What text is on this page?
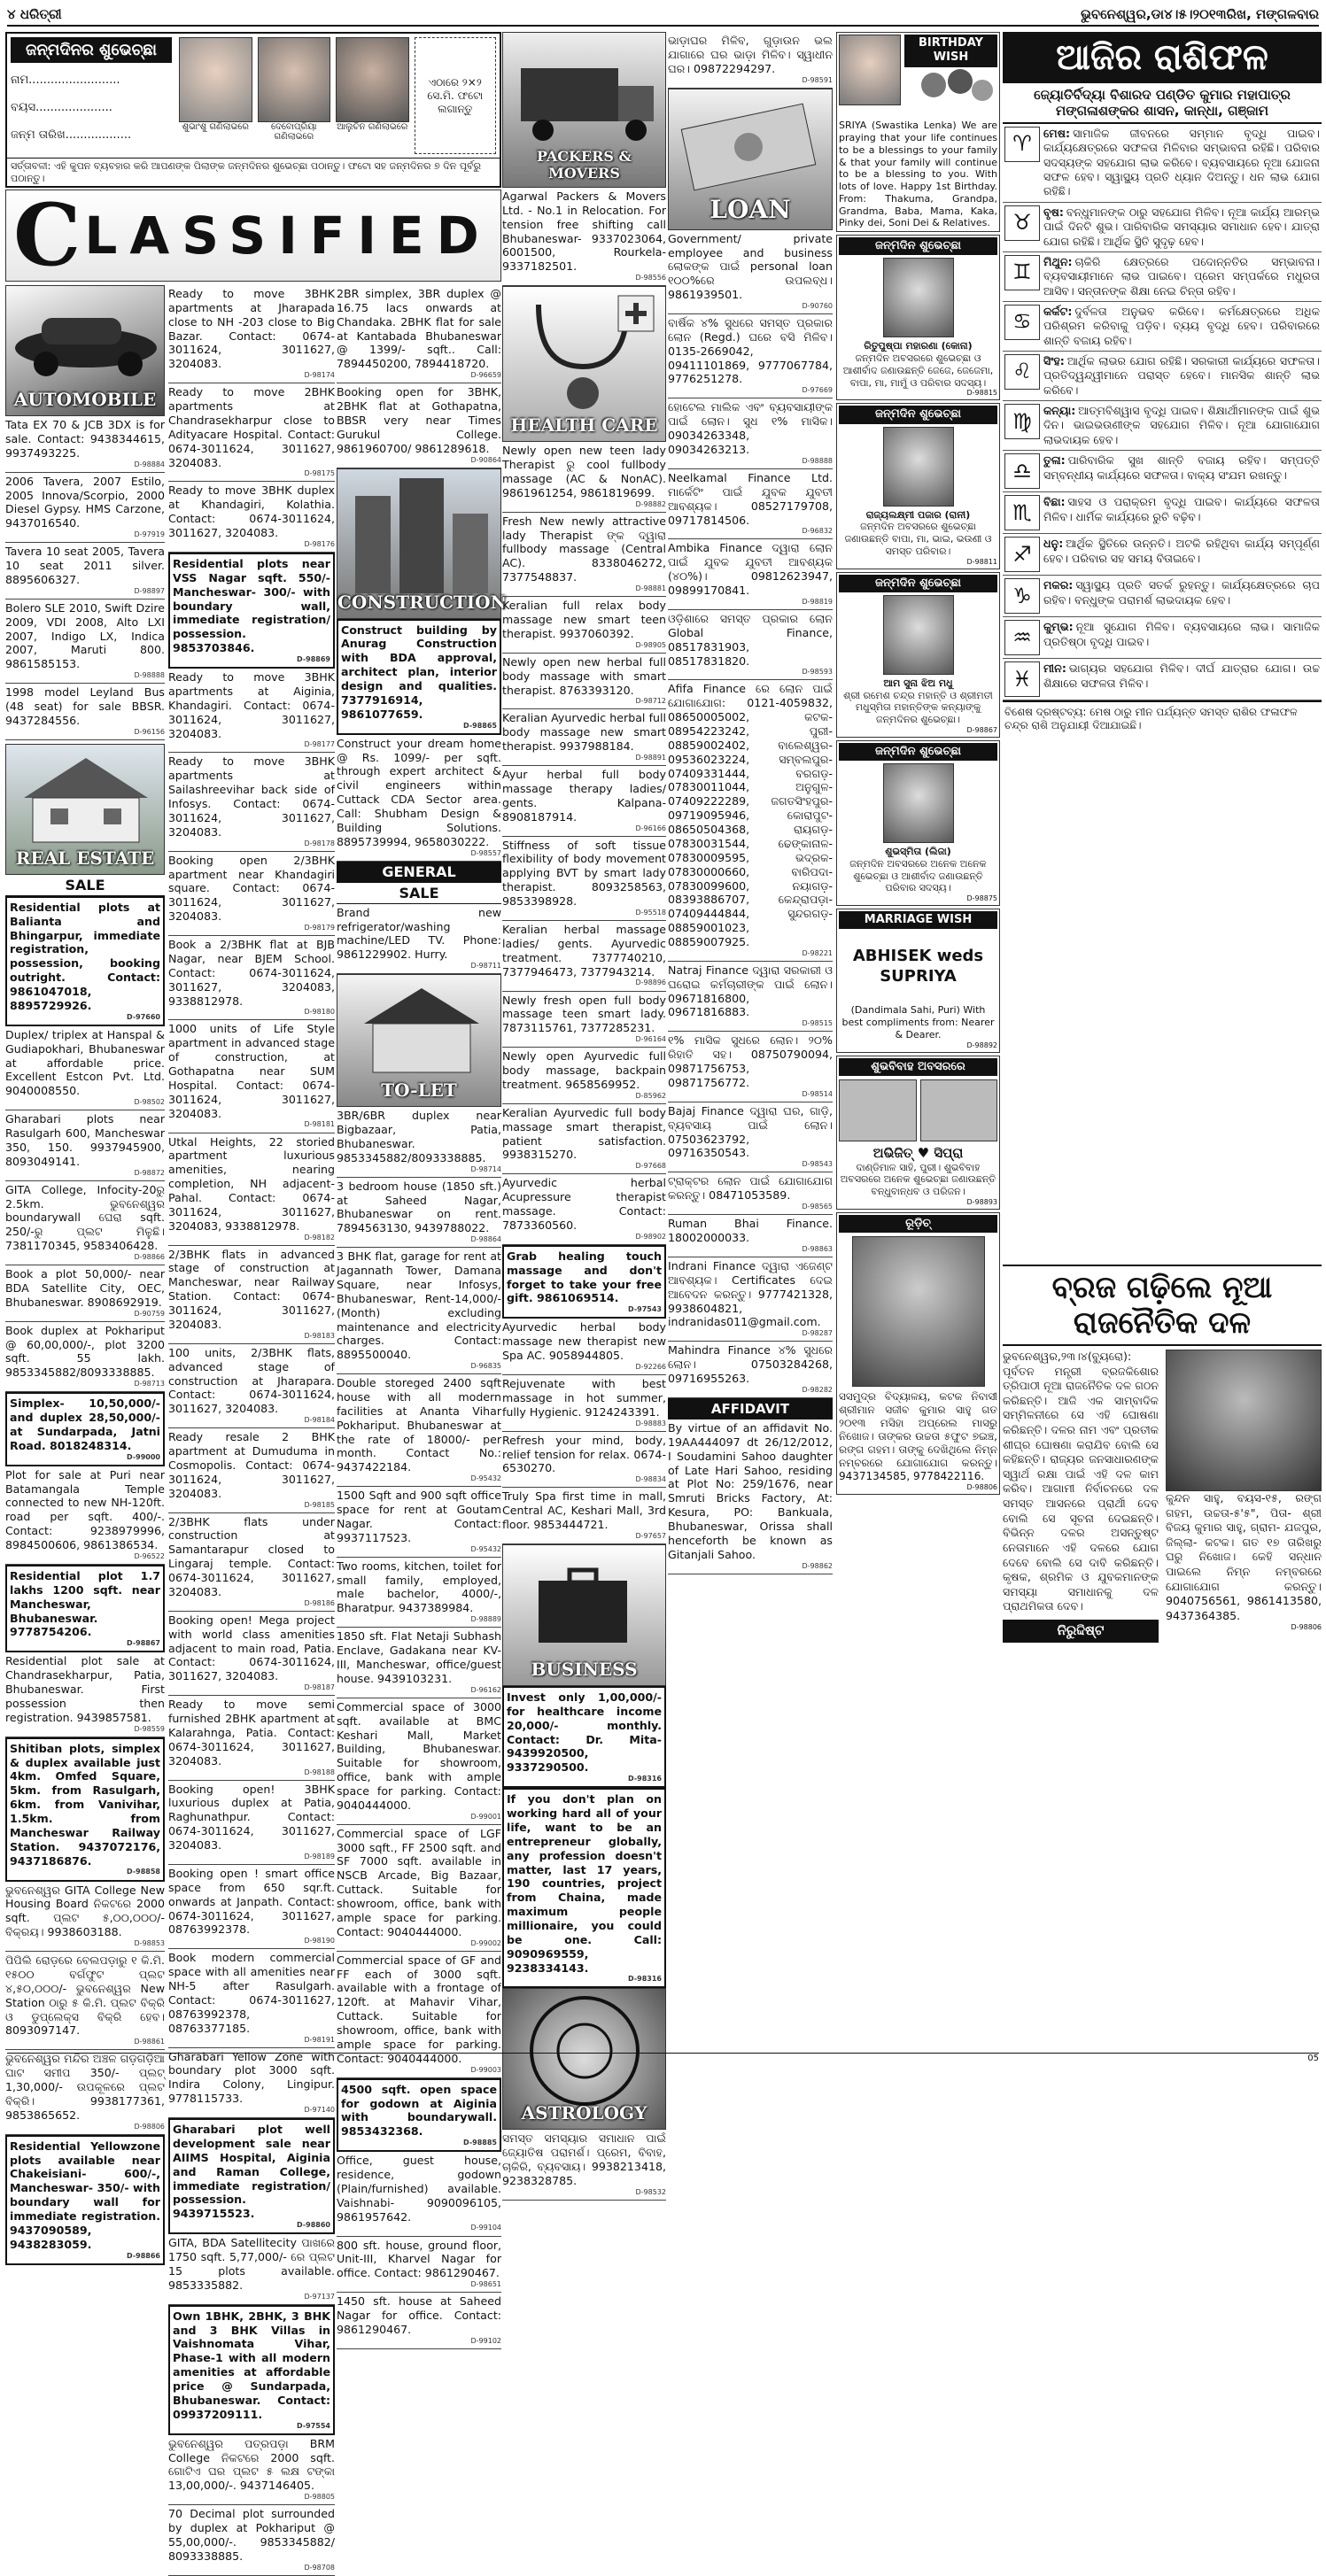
୪ ଧରିତ୍ରୀ	ଭୁବନେଶ୍ୱର,ଡା୪।୫।୨୦୧୩ରିଖ, ମଙ୍ଗଳବାର
ଜନ୍ମଦିନର ଶୁଭେଚ୍ଛା
ନାମ.........................
ବୟସ.....................
ଜନ୍ମ ତାରିଖ..................
ଶୁଭାଂଶୁ ଗଣିଲାଭରେ	ଦେବୋପ୍ରିୟା ଗଣିଲାଭରେ
ଆଲୁଚିନ ଗଣିଲାଭରେ
ଏଠାରେ ୨×୨ ସେ.ମି. ଫଟୋ ଲଗାନ୍ତୁ
ସର୍ତ୍ତାବଳୀ: ଏହି କୁପନ ବ୍ୟବହାର କରି ଆପଣଙ୍କ ପିଲାଙ୍କ ଜନ୍ମଦିନର ଶୁଭେଚ୍ଛା ପଠାନ୍ତୁ। ଫଟୋ ସହ ଜନ୍ମଦିନର ୭ ଦିନ ପୂର୍ବରୁ ପଠାନ୍ତୁ।
C LASSIFIED
AUTOMOBILE
Tata EX 70 & JCB 3DX is for sale. Contact: 9438344615, 9937493225.
D-98884
2006 Tavera, 2007 Estilo, 2005 Innova/Scorpio, 2000 Diesel Gypsy. HMS Carzone, 9437016540.
D-97919
Tavera 10 seat 2005, Tavera 10 seat 2011 silver. 8895606327.
D-98897
Bolero SLE 2010, Swift Dzire 2009, VDI 2008, Alto LXI 2007, Indigo LX, Indica 2007, Maruti 800. 9861585153.
D-98888
1998 model Leyland Bus (48 seat) for sale BBSR. 9437284556.
D-96156
REAL ESTATE
SALE
Residential plots at Balianta and Bhingarpur, immediate registration, possession, booking outright. Contact: 9861047018, 8895729926.
D-97660
Duplex/ triplex at Hanspal & Gudiapokhari, Bhubaneswar at affordable price. Excellent Estcon Pvt. Ltd. 9040008550.
D-98502
Gharabari plots near Rasulgarh 600, Mancheswar 350, 150. 9937945900, 8093049141.
D-98872
GITA College, Infocity-20ରୁ 2.5km. ଭୁବନେଶ୍ୱର boundarywall ଘେରା sqft. 250/-ରୁ ପ୍ଲଟ ମିଳୁଛି। 7381170345, 9583406428.
D-98866
Book a plot 50,000/- near BDA Satellite City, OEC, Bhubaneswar. 8908692919.
D-90759
Book duplex at Pokhariput @ 60,00,000/-, plot 3200 sqft. 55 lakh. 9853345882/8093338885.
D-98713
Simplex- 10,50,000/- and duplex 28,50,000/- at Sundarpada, Jatni Road. 8018248314.
D-99000
Plot for sale at Puri near Batamangala Temple connected to new NH-120ft. road per sqft. 400/-. Contact: 9238979996, 8984500606, 9861386534.
D-96522
Residential plot 1.7 lakhs 1200 sqft. near Mancheswar, Bhubaneswar. 9778754206.
D-98867
Residential plot sale at Chandrasekharpur, Patia, Bhubaneswar. First possession then registration. 9439857581.
D-98559
Shitiban plots, simplex & duplex available just 4km. Omfed Square, 5km. from Rasulgarh, 6km. from Vanivihar, 1.5km. from Mancheswar Railway Station. 9437072176, 9437186876.
D-98858
ଭୁବନେଶ୍ୱର GITA College New Housing Board ନିକଟରେ 2000 sqft. ପ୍ଲଟ ୫,୦୦,୦୦୦/- ବିକ୍ରୟ। 9938603188.
D-98853
ପିପିଲି ରୋଡ଼ରେ ବେଲପଡ଼ାରୁ ୧ କି.ମି. ୧୫୦୦ ବର୍ଗଫୁଟ ପ୍ଲଟ ୪,୫୦,୦୦୦/- ଭୁବନେଶ୍ୱର New Station ଠାରୁ ୫ କି.ମି. ପ୍ଲଟ ବିକ୍ରି ଓ ଡୁପ୍ଲେକ୍ସ ବିକ୍ରି ହେବ। 8093097147.
D-98861
ଭୁବନେଶ୍ୱର ମନ୍ଦିର ଅଞ୍ଚଳ ଗଡ଼ଗଡ଼ିଆ ଘାଟ ସମୀପ 350/- ପ୍ଲଟ୍ 1,30,000/- ଉପକୂଳରେ ପ୍ଲଟ ବିକ୍ରି। 9938177361, 9853865652.
D-98806
Residential Yellowzone plots available near Chakeisiani- 600/-, Mancheswar- 350/- with boundary wall for immediate registration. 9437090589, 9438283059.
D-98866
Ready to move 3BHK apartments at Jharapada close to NH -203 close to Big Bazar. Contact: 0674-3011624, 3011627, 3204083.
D-98174
Ready to move 2BHK apartments at Chandrasekharpur close to Adityacare Hospital. Contact: 0674-3011624, 3011627, 3204083.
D-98175
Ready to move 3BHK duplex at Khandagiri, Kolathia. Contact: 0674-3011624, 3011627, 3204083.
D-98176
Residential plots near VSS Nagar sqft. 550/- Mancheswar- 300/- with boundary wall, immediate registration/ possession. 9853703846.
D-98869
Ready to move 3BHK apartments at Aiginia, Khandagiri. Contact: 0674-3011624, 3011627, 3204083.
D-98177
Ready to move 3BHK apartments at Sailashreevihar back side of Infosys. Contact: 0674-3011624, 3011627, 3204083.
D-98178
Booking open 2/3BHK apartment near Khandagiri square. Contact: 0674-3011624, 3011627, 3204083.
D-98179
Book a 2/3BHK flat at BJB Nagar, near BJEM School. Contact: 0674-3011624, 3011627, 3204083, 9338812978.
D-98180
1000 units of Life Style apartment in advanced stage of construction, at Gothapatna near SUM Hospital. Contact: 0674-3011624, 3011627, 3204083.
D-98181
Utkal Heights, 22 storied apartment luxurious amenities, nearing completion, NH adjacent- Pahal. Contact: 0674-3011624, 3011627, 3204083, 9338812978.
D-98182
2/3BHK flats in advanced stage of construction at Mancheswar, near Railway Station. Contact: 0674-3011624, 3011627, 3204083.
D-98183
100 units, 2/3BHK flats, advanced stage of construction at Jharapara. Contact: 0674-3011624, 3011627, 3204083.
D-98184
Ready resale 2 BHK apartment at Dumuduma in Cosmopolis. Contact: 0674-3011624, 3011627, 3204083.
D-98185
2/3BHK flats under construction at Samantarapur closed to Lingaraj temple. Contact: 0674-3011624, 3011627, 3204083.
D-98186
Booking open! Mega project with world class amenities adjacent to main road, Patia. Contact: 0674-3011624, 3011627, 3204083.
D-98187
Ready to move semi furnished 2BHK apartment at Kalarahnga, Patia. Contact: 0674-3011624, 3011627, 3204083.
D-98188
Booking open! 3BHK luxurious duplex at Patia, Raghunathpur. Contact: 0674-3011624, 3011627, 3204083.
D-98189
Booking open ! smart office space from 650 sqr.ft. onwards at Janpath. Contact: 0674-3011624, 3011627, 08763992378.
D-98190
Book modern commercial space with all amenities near NH-5 after Rasulgarh. Contact: 0674-3011627, 08763992378, 08763377185.
D-98191
Gharabari Yellow Zone with boundary plot 3000 sqft. Indira Colony, Lingipur. 9778115733.
D-97140
Gharabari plot well development sale near AIIMS Hospital, Aiginia and Raman College, immediate registration/ possession. 9439715523.
D-98860
GITA, BDA Satellitecity ପାଖରେ 1750 sqft. 5,77,000/- ରେ ପ୍ଲଟ 15 plots available. 9853335882.
D-97137
Own 1BHK, 2BHK, 3 BHK and 3 BHK Villas in Vaishnomata Vihar, Phase-1 with all modern amenities at affordable price @ Sundarpada, Bhubaneswar. Contact: 09937209111.
D-97554
ଭୁବନେଶ୍ୱର ପତ୍ରପଡ଼ା BRM College ନିକଟରେ 2000 sqft. ଗୋଟିଏ ଘର ପ୍ଲଟ ୫ ଲକ୍ଷ ଟଙ୍କା 13,00,000/-. 9437146405.
D-98805
70 Decimal plot surrounded by duplex at Pokhariput @ 55,00,000/-. 9853345882/ 8093338885.
D-98708
2BR simplex, 3BR duplex @ 16.75 lacs onwards at Chandaka. 2BHK flat for sale at Kantabada Bhubaneswar @ 1399/- sqft.. Call: 7894450200, 7894418720.
D-96659
Booking open for 3BHK, 2BHK flat at Gothapatna, BBSR very near Times Gurukul College. 9861960700/ 9861289618.
D-90864
CONSTRUCTION
Construct building by Anurag Construction with BDA approval, architect plan, interior design and qualities. 7377916914, 9861077659.
D-98865
Construct your dream home @ Rs. 1099/- per sqft. through expert architect & civil engineers within Cuttack CDA Sector area. Call: Shubham Design & Building Solutions. 8895739994, 9658030222.
D-98557
GENERAL
SALE
Brand new refrigerator/washing machine/LED TV. Phone: 9861229902. Hurry.
D-98711
TO-LET
3BR/6BR duplex near Bigbazaar, Patia, Bhubaneswar. 9853345882/8093338885.
D-98714
3 bedroom house (1850 sft.) at Saheed Nagar, Bhubaneswar on rent. 7894563130, 9439788022.
D-98864
3 BHK flat, garage for rent at Jagannath Tower, Damana Square, near Infosys, Bhubaneswar, Rent-14,000/- (Month) excluding maintenance and electricity charges. Contact: 8895500040.
D-96835
Double storeged 2400 sqft house with all modern facilities at Ananta Vihar Pokhariput. Bhubaneswar at the rate of 18000/- per month. Contact No.: 9437422184.
D-95432
1500 Sqft and 900 sqft office space for rent at Goutam Nagar. Contact: 9937117523.
D-95432
Two rooms, kitchen, toilet for small family, employed, male bachelor, 4000/-, Bharatpur. 9437389984.
D-98889
1850 sft. Flat Netaji Subhash Enclave, Gadakana near KV-III, Mancheswar, office/guest house. 9439103231.
D-96162
Commercial space of 3000 sqft. available at BMC Keshari Mall, Market Building, Bhubaneswar. Suitable for showroom, office, bank with ample space for parking. Contact: 9040444000.
D-99001
Commercial space of LGF 3000 sqft., FF 2500 sqft. and SF 7000 sqft. available in NSCB Arcade, Big Bazaar, Cuttack. Suitable for showroom, office, bank with ample space for parking. Contact: 9040444000.
D-99002
Commercial space of GF and FF each of 3000 sqft. available with a frontage of 120ft. at Mahavir Vihar, Cuttack. Suitable for showroom, office, bank with ample space for parking. Contact: 9040444000.
D-99003
4500 sqft. open space for godown at Aiginia with boundarywall. 9853432368.
D-98885
Office, guest house, residence, godown (Plain/furnished) available. Vaishnabi- 9090096105, 9861957642.
D-99104
800 sft. house, ground floor, Unit-III, Kharvel Nagar for office. Contact: 9861290467.
D-98651
1450 sft. house at Saheed Nagar for office. Contact: 9861290467.
D-99102
PACKERS & MOVERS
Agarwal Packers & Movers Ltd. - No.1 in Relocation. For tension free shifting call Bhubaneswar- 9337023064, 6001500, Rourkela- 9337182501.
D-98556
HEALTH CARE
Newly open new teen lady Therapist ରୁ cool fullbody massage (AC & NonAC). 9861961254, 9861819699.
D-98882
Fresh New newly attractive lady Therapist ଙ୍କ ଦ୍ୱାରା fullbody massage (Central AC). 8338046272, 7377548837.
D-98881
Keralian full relax body massage new smart teen therapist. 9937060392.
D-98905
Newly open new herbal full body massage with smart therapist. 8763393120.
D-98712
Keralian Ayurvedic herbal full body massage new smart therapist. 9937988184.
D-98891
Ayur herbal full body massage therapy ladies/ gents. Kalpana- 8908187914.
D-96166
Stiffness of soft tissue flexibility of body movement applying BVT by smart lady therapist. 8093258563, 9853398928.
D-95518
Keralian herbal massage ladies/ gents. Ayurvedic treatment. 7377740210, 7377946473, 7377943214.
D-98896
Newly fresh open full body massage teen smart lady. 7873115761, 7377285231.
D-96164
Newly open Ayurvedic full body massage, backpain treatment. 9658569952.
D-85962
Keralian Ayurvedic full body massage smart therapist, patient satisfaction. 9938315270.
D-97668
Ayurvedic herbal Acupressure therapist massage. Contact: 7873360560.
D-98902
Grab healing touch massage and don't forget to take your free gift. 9861069514.
D-97543
Ayurvedic herbal body massage new therapist new Spa AC. 9058944805.
D-92266
Rejuvenate with best massage in hot summer, fully Hygienic. 9124243391.
D-98883
Refresh your mind, body, relief tension for relax. 0674-6530270.
D-98834
Truly Spa first time in mall, Central AC, Keshari Mall, 3rd floor. 9853444721.
D-97657
BUSINESS
Invest only 1,00,000/- for healthcare income 20,000/- monthly. Contact: Dr. Mita- 9439920500, 9337290500.
D-98316
If you don't plan on working hard all of your life, want to be an entrepreneur globally, any profession doesn't matter, last 17 years, 190 countries, project from Chaina, made maximum people millionaire, you could be one. Call: 9090969559, 9238334143.
D-98316
ASTROLOGY
ସମସ୍ତ ସମସ୍ୟାର ସମାଧାନ ପାଇଁ ଜ୍ୟୋତିଷ ପରାମର୍ଶ। ପ୍ରେମ, ବିବାହ, ଚାକିରି, ବ୍ୟବସାୟ। 9938213418, 9238328785.
D-98532
ଭାଡ଼ାଘର ମିଳିବ, ଗୁଡ଼ାଉନ ଭଲ ଯାଗାରେ ଘର ଭାଡ଼ା ମିଳିବ। ସ୍ୱାଧୀନ ଘର। 09872294297.
D-98591
LOAN
Government/ private employee and business ଲୋକଙ୍କ ପାଇଁ personal loan ୧୦୦%ରେ ଉପଲବ୍ଧ। 9861939501.
D-90760
ବାର୍ଷିକ ୪% ସୁଧରେ ସମସ୍ତ ପ୍ରକାର ଲୋନ (Regd.) ଘରେ ବସି ମିଳିବ। 0135-2669042, 09411101869, 9777067784, 9776251278.
D-97669
ହୋଟେଲ ମାଲିକ ଏବଂ ବ୍ୟବସାୟୀଙ୍କ ପାଇଁ ଲୋନ। ସୁଧ ୧% ମାସିକ। 09034263348, 09034263213.
D-98888
Neelkamal Finance Ltd. ମାର୍କେଟିଂ ପାଇଁ ଯୁବକ ଯୁବତୀ ଆବଶ୍ୟକ। 08527179708, 09717814506.
D-96832
Ambika Finance ଦ୍ୱାରା ଲୋନ ପାଇଁ ଯୁବକ ଯୁବତୀ ଆବଶ୍ୟକ (୪୦%)। 09812623947, 09899170841.
D-98819
ଓଡ଼ିଶାରେ ସମସ୍ତ ପ୍ରକାର ଲୋନ Global Finance, 08517831903, 08517831820.
D-98593
Afifa Finance ରେ ଲୋନ ପାଇଁ ଯୋଗାଯୋଗ: 0121-4059832, 08650005002, କଟକ- 08954223242, ପୁରୀ- 08859002402, ବାଲେଶ୍ୱର- 09536023224, ସମ୍ବଲପୁର- 07409331444, ବରଗଡ଼- 07830011044, ଅନୁଗୁଳ- 07409222289, ଜଗତସିଂହପୁର- 09719095946, କୋରାପୁଟ- 08650504368, ରାୟଗଡ଼- 07830031544, ଢେଙ୍କାନାଳ- 07830009595, ଭଦ୍ରକ- 07830000660, ବାରିପଦା- 07830099600, ନୟାଗଡ଼- 08393886707, କେନ୍ଦ୍ରାପଡ଼ା- 07409444844, ସୁନ୍ଦରଗଡ଼- 08859001023, 08859007925.
D-98221
Natraj Finance ଦ୍ୱାରା ସରକାରୀ ଓ ଘରୋଇ କର୍ମଚାରୀଙ୍କ ପାଇଁ ଲୋନ। 09671816800, 09671816883.
D-98515
୧% ମାସିକ ସୁଧରେ ଲୋନ। ୨୦% ରିହାତି ସହ। 08750790094, 09871756753, 09871756772.
D-98514
Bajaj Finance ଦ୍ୱାରା ଘର, ଗାଡ଼ି, ବ୍ୟବସାୟ ପାଇଁ ଲୋନ। 07503623792, 09716350543.
D-98543
ଟ୍ରାକ୍ଟର ଲୋନ ପାଇଁ ଯୋଗାଯୋଗ କରନ୍ତୁ। 08471053589.
D-98565
Ruman Bhai Finance. 18002000033.
D-98863
Indrani Finance ଦ୍ୱାରା ଏଜେଣ୍ଟ ଆବଶ୍ୟକ। Certificates ଦେଇ ଆବେଦନ କରନ୍ତୁ। 9777421328, 9938604821, indranidas011@gmail.com.
D-98287
Mahindra Finance ୪% ସୁଧରେ ଲୋନ। 07503284268, 09716955263.
D-98282
AFFIDAVIT
By virtue of an affidavit No. 19AA444097 dt 26/12/2012, I Soudamini Sahoo daughter of Late Hari Sahoo, residing at Plot No: 259/1676, near Smruti Bricks Factory, At: Kesura, PO: Bankuala, Bhubaneswar, Orissa shall henceforth be known as Gitanjali Sahoo.
D-98862
BIRTHDAY WISH
SRIYA (Swastika Lenka) We are praying that your life continues to be a blessings to your family & that your family will continue to be a blessing to you. With lots of love. Happy 1st Birthday. From: Thakuma, Grandpa, Grandma, Baba, Mama, Kaka, Pinky dei, Soni Dei & Relatives.
ଜନ୍ମଦିନ ଶୁଭେଚ୍ଛା
ରିତୁପୁଷ୍ପା ମହାରଣା (କୋନା)
ଜନ୍ମଦିନ ଅବସରରେ ଶୁଭେଚ୍ଛା ଓ ଆଶୀର୍ବାଦ ଜଣାଉଛନ୍ତି ଜେଜେ, ଜେଜେମା, ବାପା, ମା, ମାମୁଁ ଓ ପରିବାର ସଦସ୍ୟ।
D-98815
ଜନ୍ମଦିନ ଶୁଭେଚ୍ଛା
ରାଜ୍ୟଲକ୍ଷ୍ମୀ ପଜାର (ରାନୀ)
ଜନ୍ମଦିନ ଅବସରରେ ଶୁଭେଚ୍ଛା ଜଣାଉଛନ୍ତି ବାପା, ମା, ଭାଇ, ଭଉଣୀ ଓ ସମସ୍ତ ପରିବାର।
D-98811
ଜନ୍ମଦିନ ଶୁଭେଚ୍ଛା
ଆମ ସୁନା ଝିଅ ମଧୁ
ଶ୍ରୀ ରମେଶ ଚନ୍ଦ୍ର ମହାନ୍ତି ଓ ଶ୍ରୀମତୀ ମଧୁସ୍ମିତା ମହାନ୍ତିଙ୍କ କନ୍ୟାଙ୍କୁ ଜନ୍ମଦିନର ଶୁଭେଚ୍ଛା।
D-98867
ଜନ୍ମଦିନ ଶୁଭେଚ୍ଛା
ଶୁଭସ୍ମିତା (ଲିଜା)
ଜନ୍ମଦିନ ଅବସରରେ ଅନେକ ଅନେକ ଶୁଭେଚ୍ଛା ଓ ଆଶୀର୍ବାଦ ଜଣାଉଛନ୍ତି ପରିବାର ସଦସ୍ୟ।
D-98875
MARRIAGE WISH
ABHISEK weds SUPRIYA
(Dandimala Sahi, Puri) With best compliments from: Nearer & Dearer.
D-98892
ଶୁଭବିବାହ ଅବସରରେ
ଅଭିଜିତ୍ ♥ ସିପ୍ରା
ଦାଣ୍ଡିମାଳ ସାହି, ପୁରୀ। ଶୁଭବିବାହ ଅବସରରେ ଅନେକ ଶୁଭେଚ୍ଛା ଜଣାଉଛନ୍ତି ବନ୍ଧୁବାନ୍ଧବ ଓ ପରିଜନ।
D-98893
ରୂଡ଼ିଚ୍
ସସମୁଦ୍ର ବିଦ୍ୟାଳୟ, କଟକ ନିବାସୀ ଶ୍ରୀମାନ ସଜୀବ କୁମାର ସାହୁ ଗତ ୨୦୧୩ ମସିହା ଅପ୍ରେଲ ମାସରୁ ନିଖୋଜ। ତାଙ୍କର ଉଚ୍ଚତା ୫ଫୁଟ ୭ଇଞ୍ଚ, ରଙ୍ଗ ଗହମ। ତାଙ୍କୁ ଦେଖିଥିଲେ ନିମ୍ନ ନମ୍ବରରେ ଯୋଗାଯୋଗ କରନ୍ତୁ। 9437134585, 9778422116.
D-98806
ଆଜିର ରାଶିଫଳ
ଜ୍ୟୋତିର୍ବିଦ୍ୟା ବିଶାରଦ ପଣ୍ଡିତ କୁମାର ମହାପାତ୍ର
ମଙ୍ଗଳାଶଙ୍କର ଶାସନ, କାନ୍ଧା, ଗଞ୍ଜାମ
♈	ମେଷ: ସାମାଜିକ ଜୀବନରେ ସମ୍ମାନ ବୃଦ୍ଧି ପାଇବ। କାର୍ଯ୍ୟକ୍ଷେତ୍ରରେ ସଫଳତା ମିଳିବାର ସମ୍ଭାବନା ରହିଛି। ପରିବାର ସଦସ୍ୟଙ୍କ ସହଯୋଗ ଲାଭ କରିବେ। ବ୍ୟବସାୟରେ ନୂଆ ଯୋଜନା ସଫଳ ହେବ। ସ୍ୱାସ୍ଥ୍ୟ ପ୍ରତି ଧ୍ୟାନ ଦିଅନ୍ତୁ। ଧନ ଲାଭ ଯୋଗ ରହିଛି।
♉	ବୃଷ: ବନ୍ଧୁମାନଙ୍କ ଠାରୁ ସହଯୋଗ ମିଳିବ। ନୂଆ କାର୍ଯ୍ୟ ଆରମ୍ଭ ପାଇଁ ଦିନଟି ଶୁଭ। ପାରିବାରିକ ସମସ୍ୟାର ସମାଧାନ ହେବ। ଯାତ୍ରା ଯୋଗ ରହିଛି। ଆର୍ଥିକ ସ୍ଥିତି ସୁଦୃଢ଼ ହେବ।
♊	ମିଥୁନ: ଚାକିରି କ୍ଷେତ୍ରରେ ପଦୋନ୍ନତିର ସମ୍ଭାବନା। ବ୍ୟବସାୟୀମାନେ ଲାଭ ପାଇବେ। ପ୍ରେମ ସମ୍ପର୍କରେ ମଧୁରତା ଆସିବ। ସନ୍ତାନଙ୍କ ଶିକ୍ଷା ନେଇ ଚିନ୍ତା ରହିବ।
♋	କର୍କଟ: ଦୁର୍ବଳତା ଅନୁଭବ କରିବେ। କର୍ମକ୍ଷେତ୍ରରେ ଅଧିକ ପରିଶ୍ରମ କରିବାକୁ ପଡ଼ିବ। ବ୍ୟୟ ବୃଦ୍ଧି ହେବ। ପରିବାରରେ ଶାନ୍ତି ବଜାୟ ରହିବ।
♌	ସିଂହ: ଆର୍ଥିକ ଲାଭର ଯୋଗ ରହିଛି। ସରକାରୀ କାର୍ଯ୍ୟରେ ସଫଳତା। ପ୍ରତିଦ୍ୱନ୍ଦ୍ୱୀମାନେ ପରାସ୍ତ ହେବେ। ମାନସିକ ଶାନ୍ତି ଲାଭ କରିବେ।
♍	କନ୍ୟା: ଆତ୍ମବିଶ୍ୱାସ ବୃଦ୍ଧି ପାଇବ। ଶିକ୍ଷାର୍ଥୀମାନଙ୍କ ପାଇଁ ଶୁଭ ଦିନ। ଭାଇଭଉଣୀଙ୍କ ସହଯୋଗ ମିଳିବ। ନୂଆ ଯୋଗାଯୋଗ ଲାଭଦାୟକ ହେବ।
♎	ତୁଳା: ପାରିବାରିକ ସୁଖ ଶାନ୍ତି ବଜାୟ ରହିବ। ସମ୍ପତ୍ତି ସମ୍ବନ୍ଧୀୟ କାର୍ଯ୍ୟରେ ସଫଳତା। ବାକ୍ୟ ସଂଯମ ରଖନ୍ତୁ।
♏	ବିଛା: ସାହସ ଓ ପରାକ୍ରମ ବୃଦ୍ଧି ପାଇବ। କାର୍ଯ୍ୟରେ ସଫଳତା ମିଳିବ। ଧାର୍ମିକ କାର୍ଯ୍ୟରେ ରୁଚି ବଢ଼ିବ।
♐	ଧନୁ: ଆର୍ଥିକ ସ୍ଥିତିରେ ଉନ୍ନତି। ଅଟକି ରହିଥିବା କାର୍ଯ୍ୟ ସମ୍ପୂର୍ଣ୍ଣ ହେବ। ପରିବାର ସହ ସମୟ ବିତାଇବେ।
♑	ମକର: ସ୍ୱାସ୍ଥ୍ୟ ପ୍ରତି ସତର୍କ ରୁହନ୍ତୁ। କାର୍ଯ୍ୟକ୍ଷେତ୍ରରେ ଚାପ ରହିବ। ବନ୍ଧୁଙ୍କ ପରାମର୍ଶ ଲାଭଦାୟକ ହେବ।
♒	କୁମ୍ଭ: ନୂଆ ସୁଯୋଗ ମିଳିବ। ବ୍ୟବସାୟରେ ଲାଭ। ସାମାଜିକ ପ୍ରତିଷ୍ଠା ବୃଦ୍ଧି ପାଇବ।
♓	ମୀନ: ଭାଗ୍ୟର ସହଯୋଗ ମିଳିବ। ଦୀର୍ଘ ଯାତ୍ରାର ଯୋଗ। ଉଚ୍ଚ ଶିକ୍ଷାରେ ସଫଳତା ମିଳିବ।
ବିଶେଷ ଦ୍ରଷ୍ଟବ୍ୟ: ମେଷ ଠାରୁ ମୀନ ପର୍ଯ୍ୟନ୍ତ ସମସ୍ତ ରାଶିର ଫଳାଫଳ ଚନ୍ଦ୍ର ରାଶି ଅନୁଯାୟୀ ଦିଆଯାଇଛି।
ବ୍ରଜ ଗଢ଼ିଲେ ନୂଆ ରାଜନୈତିକ ଦଳ

ଭୁବନେଶ୍ୱର,୨୩।୪(ବ୍ୟୁରୋ): ପୂର୍ବତନ ମନ୍ତ୍ରୀ ବ୍ରଜକିଶୋର ତ୍ରିପାଠୀ ନୂଆ ରାଜନୈତିକ ଦଳ ଗଠନ କରିଛନ୍ତି। ଆଜି ଏକ ସାମ୍ବାଦିକ ସମ୍ମିଳନୀରେ ସେ ଏହି ଘୋଷଣା କରିଛନ୍ତି। ଦଳର ନାମ ଏବଂ ପ୍ରତୀକ ଶୀଘ୍ର ଘୋଷଣା କରାଯିବ ବୋଲି ସେ କହିଛନ୍ତି। ରାଜ୍ୟର ଜନସାଧାରଣଙ୍କ ସ୍ୱାର୍ଥ ରକ୍ଷା ପାଇଁ ଏହି ଦଳ କାମ କରିବ। ଆଗାମୀ ନିର୍ବାଚନରେ ଦଳ ସମସ୍ତ ଆସନରେ ପ୍ରାର୍ଥୀ ଦେବ ବୋଲି ସେ ସୂଚନା ଦେଇଛନ୍ତି। ବିଭିନ୍ନ ଦଳର ଅସନ୍ତୁଷ୍ଟ ନେତାମାନେ ଏହି ଦଳରେ ଯୋଗ ଦେବେ ବୋଲି ସେ ଦାବି କରିଛନ୍ତି। କୃଷକ, ଶ୍ରମିକ ଓ ଯୁବକମାନଙ୍କ ସମସ୍ୟା ସମାଧାନକୁ ଦଳ ପ୍ରାଥମିକତା ଦେବ।

ନିରୁଦ୍ଦିଷ୍ଟ

କୁନ୍ଦନ ସାହୁ, ବୟସ-୧୫, ରଙ୍ଗ ଗହମ, ଉଚ୍ଚତା-୫'୫", ପିତା- ଶ୍ରୀ ବିଜୟ କୁମାର ସାହୁ, ଗ୍ରାମ- ଯଜପୁର, ଜିଲ୍ଲା- କଟକ। ଗତ ୧୭ ତାରିଖରୁ ଘରୁ ନିଖୋଜ। କେହି ସନ୍ଧାନ ପାଇଲେ ନିମ୍ନ ନମ୍ବରରେ ଯୋଗାଯୋଗ କରନ୍ତୁ। 9040756561, 9861413580, 9437364385.

D-98806

05
